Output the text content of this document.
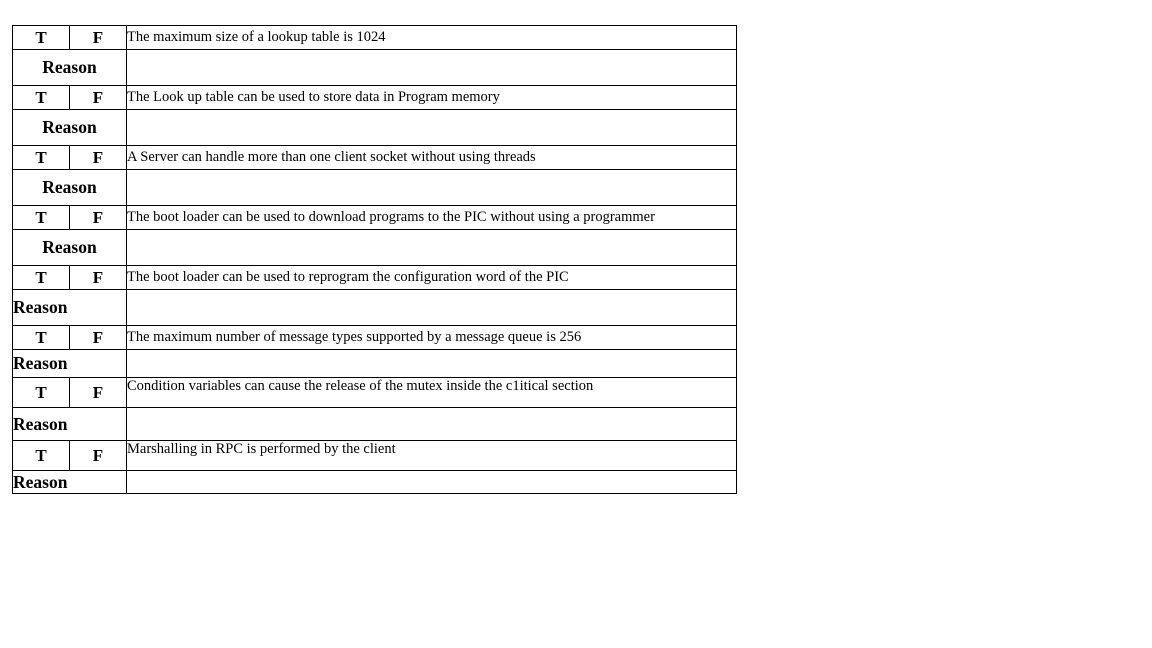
T	F	The maximum size of a lookup table is 1024
Reason		
T	F	The Look up table can be used to store data in Program memory
Reason		
T	F	A Server can handle more than one client socket without using threads
Reason		
T	F	The boot loader can be used to download programs to the PIC without using a programmer
Reason		
T	F	The boot loader can be used to reprogram the configuration word of the PIC
Reason		
T	F	The maximum number of message types supported by a message queue is 256
Reason		
T	F	Condition variables can cause the release of the mutex inside the c1itical section
Reason		
T	F	Marshalling in RPC is performed by the client
Reason		
